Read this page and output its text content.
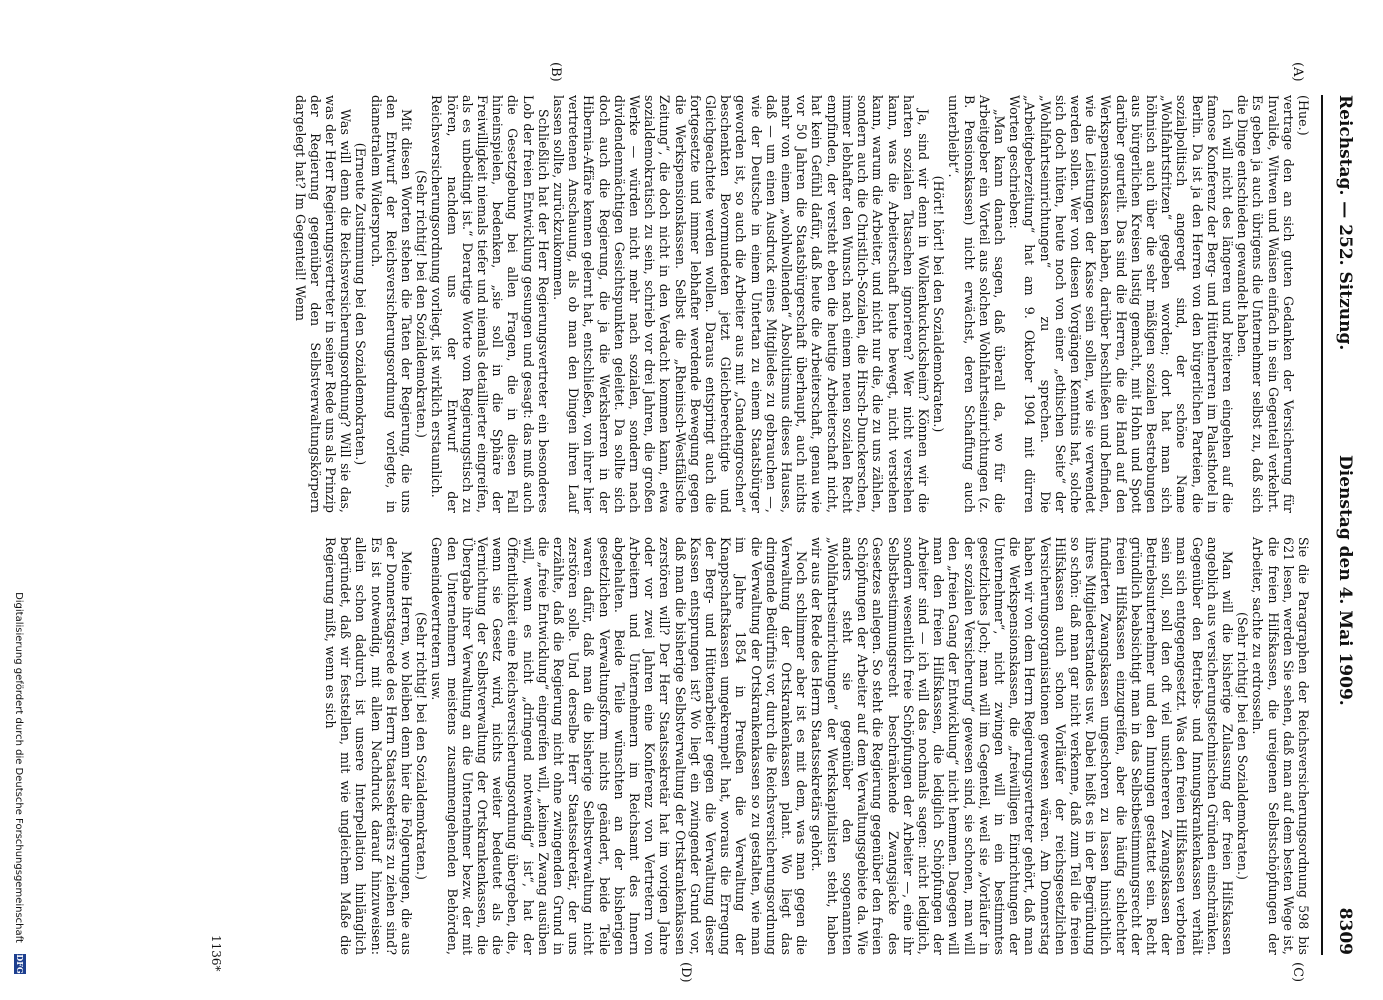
Reichstag. — 252. Sitzung.
Dienstag den 4. Mai 1909.
8309
(A)
(B)
(C)
(D)

(Hue.)

vertrage den an sich guten Gedanken der Versicherung für Invalide, Witwen und Waisen einfach in sein Gegenteil verkehrt. Es geben ja auch übrigens die Unternehmer selbst zu, daß sich die Dinge entschieden gewandelt haben.

Ich will nicht des längeren und breiteren eingehen auf die famose Konferenz der Berg- und Hüttenherren im Palasthotel in Berlin. Da ist ja den Herren von den bürgerlichen Parteien, die sozialpolitisch angeregt sind, der schöne Name „Wohlfahrtsfritzen“ gegeben worden; dort hat man sich höhnisch auch über die sehr mäßigen sozialen Bestrebungen aus bürgerlichen Kreisen lustig gemacht, mit Hohn und Spott darüber geurteilt. Das sind die Herren, die die Hand auf den Werkspensionskassen haben, darüber beschließen und befinden, wie die Leistungen der Kasse sein sollen, wie sie verwendet werden sollen. Wer von diesen Vorgängen Kenntnis hat, solche sich doch hüten, heute noch von einer „ethischen Seite“ der „Wohlfahrtseinrichtungen“ zu sprechen. Die „Arbeitgeberzeitung“ hat am 9. Oktober 1904 mit dürren Worten geschrieben:

„Man kann danach sagen, daß überall da, wo für die Arbeitgeber ein Vorteil aus solchen Wohlfahrtseinrichtungen (z. B. Pensionskassen) nicht erwächst, deren Schaffung auch unterbleibt“.

(Hört! hört! bei den Sozialdemokraten.)

Ja, sind wir denn in Wolkenkuckucksheim? Können wir die harten sozialen Tatsachen ignorieren? Wer nicht verstehen kann, was die Arbeiterschaft heute bewegt, nicht verstehen kann, warum die Arbeiter, und nicht nur die, die zu uns zählen, sondern auch die Christlich-Sozialen, die Hirsch-Dunckerschen, immer lebhafter den Wunsch nach einem neuen sozialen Recht empfinden, der versteht eben die heutige Arbeiterschaft nicht, hat kein Gefühl dafür, daß heute die Arbeiterschaft, genau wie vor 50 Jahren die Staatsbürgerschaft überhaupt, auch nichts mehr von einem „wohlwollenden“ Absolutismus dieses Hauses, daß — um einen Ausdruck eines Mitgliedes zu gebrauchen —, wie der Deutsche in einem Untertan zu einem Staatsbürger geworden ist, so auch die Arbeiter aus mit „Gnadengroschen“ beschenkten Bevormundeten jetzt Gleichberechtigte und Gleichgeachtete werden wollen. Daraus entspringt auch die fortgesetzte und immer lebhafter werdende Bewegung gegen die Werkspensionskassen. Selbst die „Rheinisch-Westfälische Zeitung“, die doch nicht in den Verdacht kommen kann, etwa sozialdemokratisch zu sein, schrieb vor drei Jahren, die großen Werke — würden nicht mehr nach sozialen, sondern nach dividendenmächtigen Gesichtspunkten geleitet. Da sollte sich doch auch die Regierung, die ja die Werksherren in der Hibernia-Affäre kennen gelernt hat, entschließen, von ihrer hier vertretenen Anschauung, als ob man den Dingen ihren Lauf lassen sollte, zurückzukommen.

Schließlich hat der Herr Regierungsvertreter ein besonderes Lob der freien Entwicklung gesungen und gesagt: das muß auch die Gesetzgebung bei allen Fragen, die in diesen Fall hineinspielen, bedenken, „sie soll in die Sphäre der Freiwilligkeit niemals tiefer und niemals detaillierter eingreifen, als es unbedingt ist.“ Derartige Worte vom Regierungstisch zu hören, nachdem uns der Entwurf der Reichsversicherungsordnung vorliegt, ist wirklich erstaunlich.

(Sehr richtig! bei den Sozialdemokraten.)

Mit diesen Worten stehen die Taten der Regierung, die uns den Entwurf der Reichsversicherungsordnung vorlegte, in diametralem Widerspruch.

(Erneute Zustimmung bei den Sozialdemokraten.)

Was will denn die Reichsversicherungsordnung? Will sie das, was der Herr Regierungsvertreter in seiner Rede uns als Prinzip der Regierung gegenüber den Selbstverwaltungskörpern dargelegt hat? Im Gegenteil! Wenn

Sie die Paragraphen der Reichsversicherungsordnung 598 bis 621 lesen, werden Sie sehen, daß man auf dem besten Wege ist, die freien Hilfskassen, die ureigenen Selbstschöpfungen der Arbeiter, sachte zu erdrosseln.

(Sehr richtig! bei den Sozialdemokraten.)

Man will die bisherige Zulassung der freien Hilfskassen angeblich aus versicherungstechnischen Gründen einschränken. Gegenüber den Betriebs- und Innungskrankenkassen verhält man sich entgegengesetzt. Was den freien Hilfskassen verboten sein soll, soll den oft viel unsichereren Zwangskassen der Betriebsunternehmer und den Innungen gestattet sein. Recht gründlich beabsichtigt man in das Selbstbestimmungsrecht der freien Hilfskassen einzugreifen, aber die häufig schlechter fundierten Zwangskassen ungeschoren zu lassen hinsichtlich ihres Mitgliederstandes usw. Dabei heißt es in der Begründung so schön: daß man gar nicht verkenne, daß zum Teil die freien Hilfskassen auch schon Vorläufer der reichsgesetzlichen Versicherungsorganisationen gewesen wären. Am Donnerstag haben wir von dem Herrn Regierungsvertreter gehört, daß man die Werkspensionskassen, die „freiwilligen Einrichtungen der Unternehmer“, nicht zwingen will in ein bestimmtes gesetzliches Joch; man will im Gegenteil, weil sie „Vorläufer in der sozialen Versicherung“ gewesen sind, sie schonen, man will den „freien Gang der Entwicklung“ nicht hemmen. Dagegen will man den freien Hilfskassen, die lediglich Schöpfungen der Arbeiter sind — ich will das nochmals sagen: nicht lediglich, sondern wesentlich freie Schöpfungen der Arbeiter —, eine ihr Selbstbestimmungsrecht beschränkende Zwangsjacke des Gesetzes anlegen. So steht die Regierung gegenüber den freien Schöpfungen der Arbeiter auf dem Verwaltungsgebiete da. Wie anders steht sie gegenüber den sogenannten „Wohlfahrtseinrichtungen“ der Werkskapitalisten steht, haben wir aus der Rede des Herrn Staatssekretärs gehört.

Noch schlimmer aber ist es mit dem, was man gegen die Verwaltung der Ortskrankenkassen plant. Wo liegt das dringende Bedürfnis vor, durch die Reichsversicherungsordnung die Verwaltung der Ortskrankenkassen so zu gestalten, wie man im Jahre 1854 in Preußen die Verwaltung der Knappschaftskassen umgekrempelt hat, woraus die Erregung der Berg- und Hüttenarbeiter gegen die Verwaltung dieser Kassen entsprungen ist? Wo liegt ein zwingender Grund vor, daß man die bisherige Selbstverwaltung der Ortskrankenkassen zerstören will? Der Herr Staatssekretär hat im vorigen Jahre oder vor zwei Jahren eine Konferenz von Vertretern von Arbeitern und Unternehmern im Reichsamt des Innern abgehalten. Beide Teile wünschten an der bisherigen gesetzlichen Verwaltungsform nichts geändert, beide Teile waren dafür, daß man die bisherige Selbstverwaltung nicht zerstören solle. Und derselbe Herr Staatssekretär, der uns erzählte, daß die Regierung nicht ohne zwingenden Grund in die „freie Entwicklung“ eingreifen will, „keinen Zwang ausüben will, wenn es nicht „dringend notwendig“ ist“, hat der Öffentlichkeit eine Reichsversicherungsordnung übergeben, die, wenn sie Gesetz wird, nichts weiter bedeutet als die Vernichtung der Selbstverwaltung der Ortskrankenkassen, die Übergabe ihrer Verwaltung an die Unternehmer bezw. der mit den Unternehmern meistens zusammengehenden Behörden, Gemeindevertretern usw.

(Sehr richtig! bei den Sozialdemokraten.)

Meine Herren, wo bleiben denn hier die Folgerungen, die aus der Donnerstagsrede des Herrn Staatssekretärs zu ziehen sind? Es ist notwendig, mit allem Nachdruck darauf hinzuweisen: allein schon dadurch ist unsere Interpellation hinlänglich begründet, daß wir feststellen, mit wie ungleichem Maße die Regierung mißt, wenn es sich

1136*
Digitalisierung gefördert durch die Deutsche Forschungsgemeinschaft DFG
